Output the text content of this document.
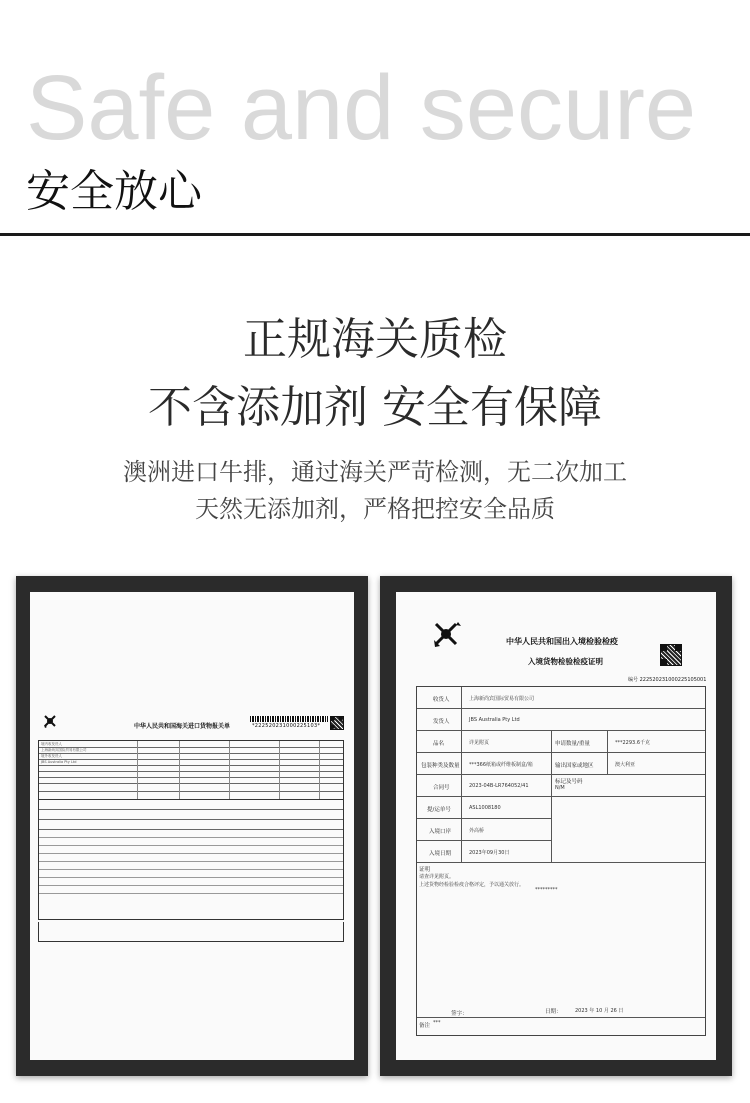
Safe and secure
安全放心
正规海关质检
不含添加剂 安全有保障
澳洲进口牛排，通过海关严苛检测，无二次加工
天然无添加剂，严格把控安全品质
中华人民共和国海关进口货物报关单	*222520231000225103*
境内收发货人
上海新尚宾国际贸易有限公司
境外收发货人
JBS Australia Pty Ltd
中华人民共和国出入境检验检疫
入境货物检验检疫证明
编号 222520231000225105001
收货人	上海新尚宾国际贸易有限公司
发货人	JBS Australia Pty Ltd
品名	详见附页	申请数量/重量	***2293.6千克
包装种类及数量 ***366纸箱或纤维板制盒/箱	输出国家或地区	澳大利亚
合同号	2023-04B-LR764052/41
标记及号码
N/M
提/运单号	ASL1008180
入境口岸	外高桥
入境日期	2023年09月30日
证明
请查详见附页。
上述货物经检验检疫合格评定，予以通关放行。
*********
签字：	日期：	2023 年 10 月 26 日
备注 ***
